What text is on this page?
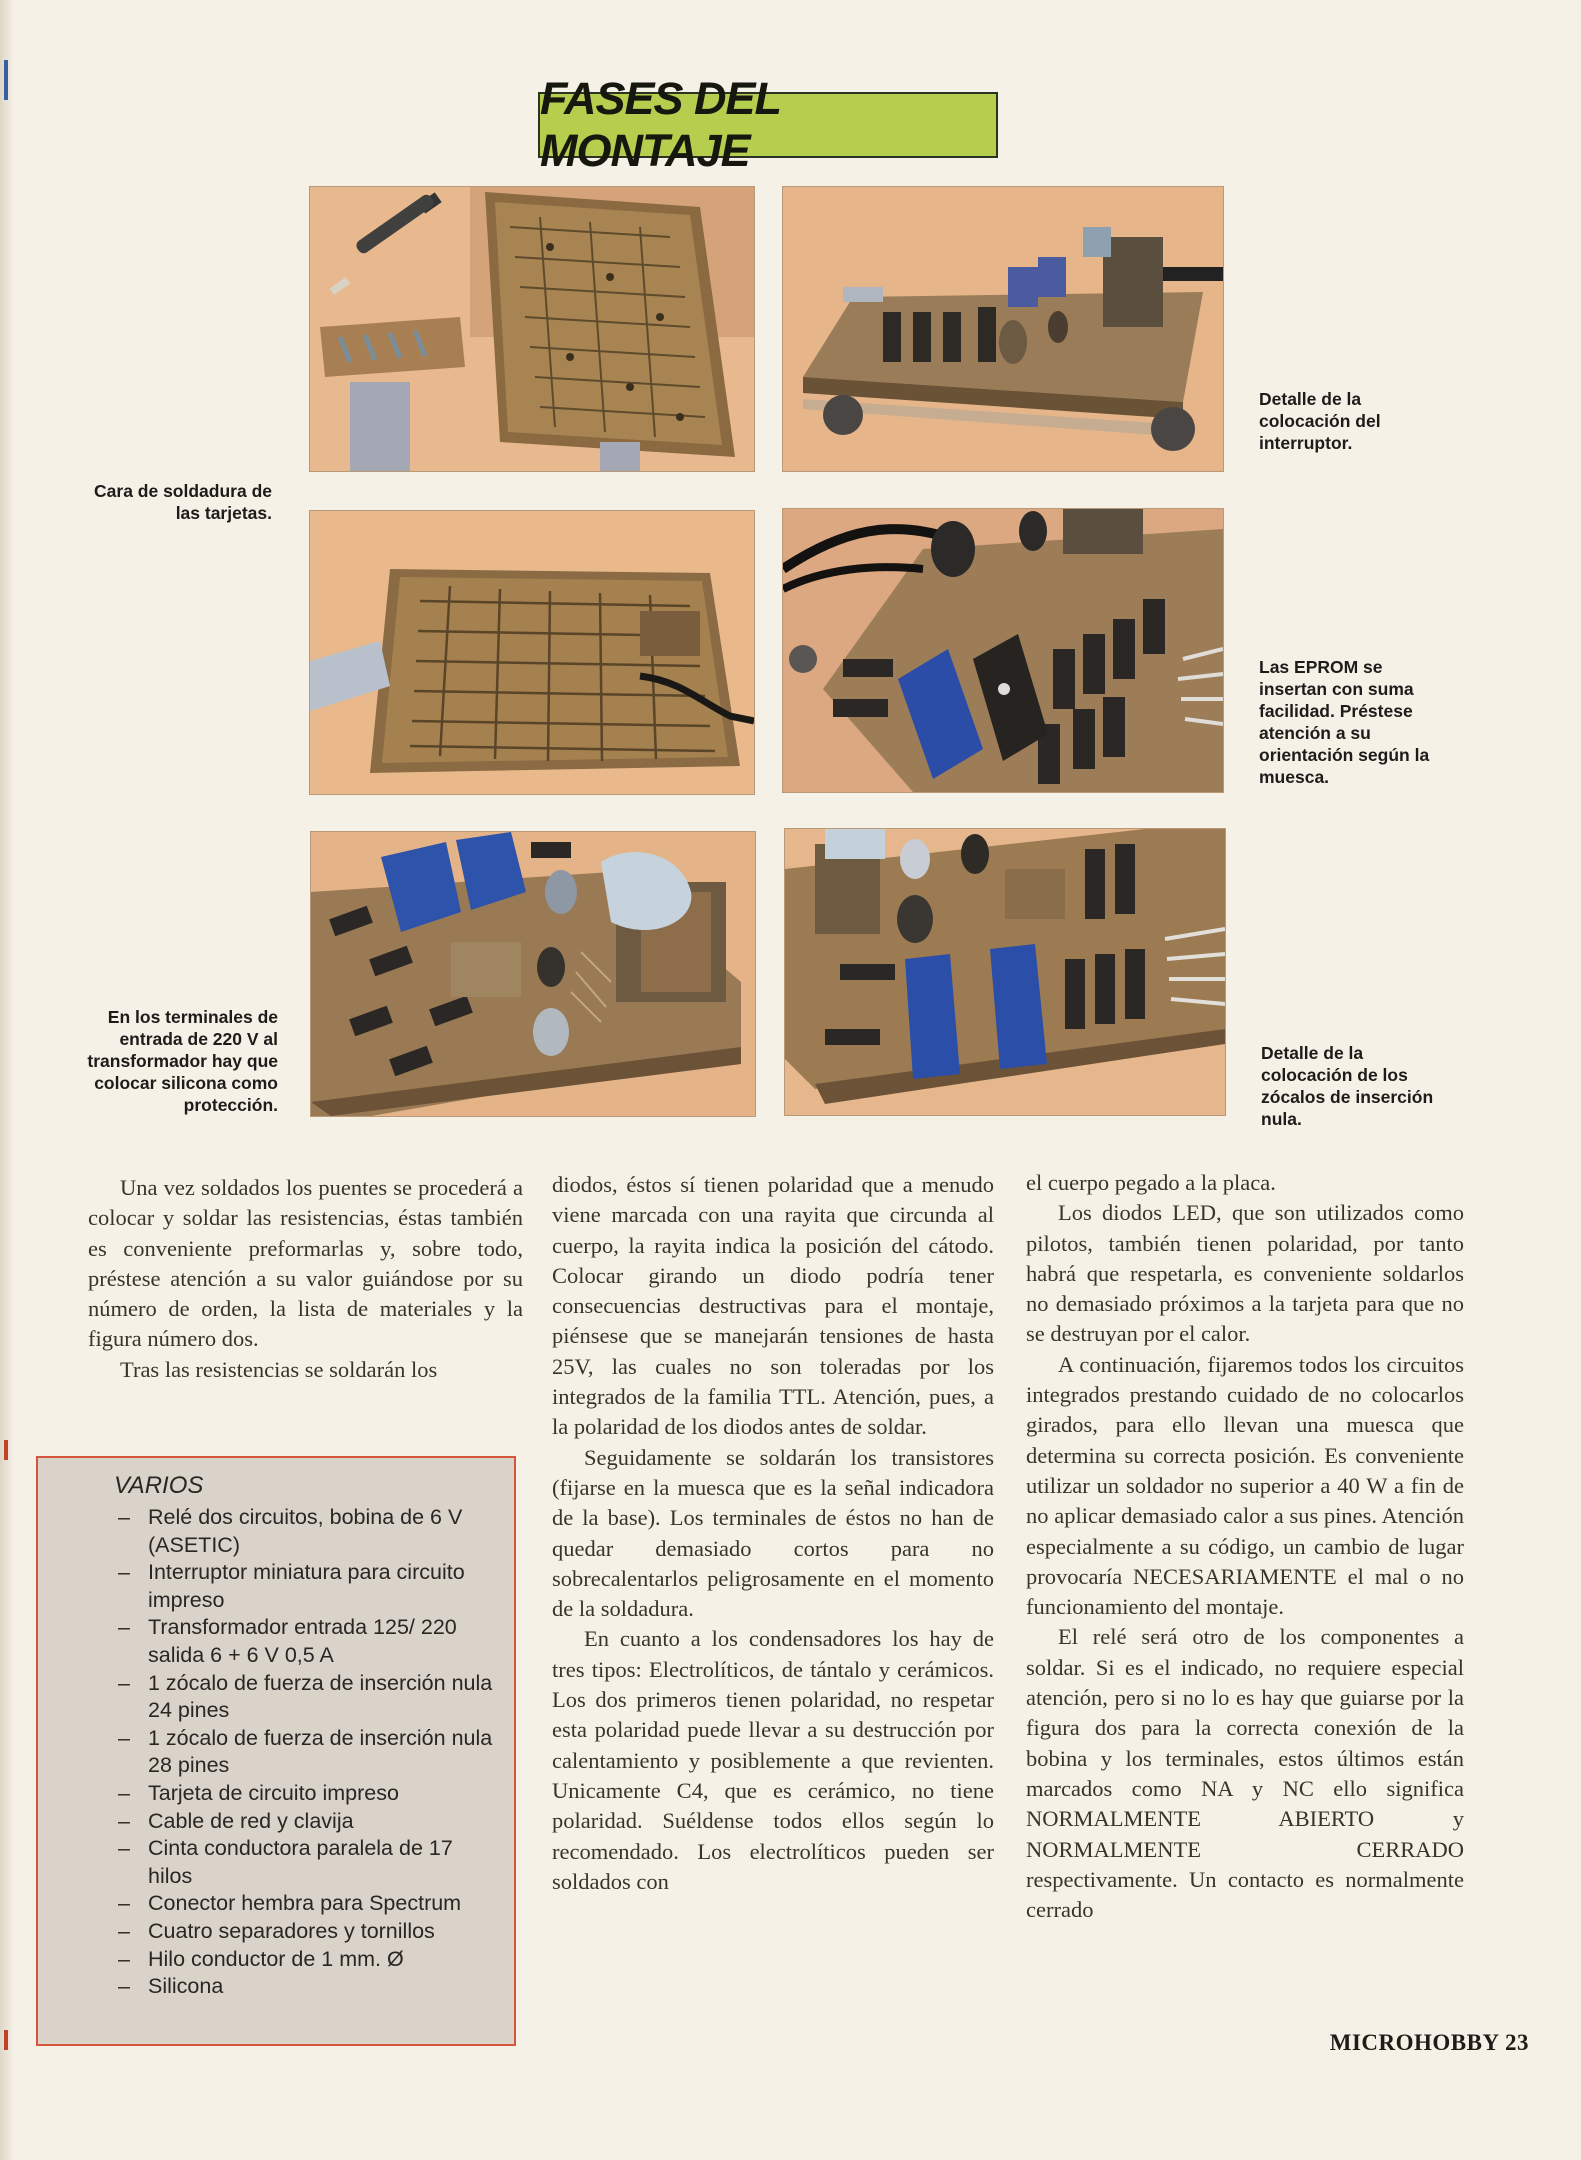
FASES DEL MONTAJE
Cara de soldadura de las tarjetas.
Detalle de la colocación del interruptor.
Las EPROM se insertan con suma facilidad. Préstese atención a su orientación según la muesca.
En los terminales de entrada de 220 V al transformador hay que colocar silicona como protección.
Detalle de la colocación de los zócalos de inserción nula.

Una vez soldados los puentes se procederá a colocar y soldar las resistencias, éstas también es conveniente preformarlas y, sobre todo, préstese atención a su valor guiándose por su número de orden, la lista de materiales y la figura número dos.

Tras las resistencias se soldarán los

diodos, éstos sí tienen polaridad que a menudo viene marcada con una rayita que circunda al cuerpo, la rayita indica la posición del cátodo. Colocar girando un diodo podría tener consecuencias destructivas para el montaje, piénsese que se manejarán tensiones de hasta 25V, las cuales no son toleradas por los integrados de la familia TTL. Atención, pues, a la polaridad de los diodos antes de soldar.

Seguidamente se soldarán los transistores (fijarse en la muesca que es la señal indicadora de la base). Los terminales de éstos no han de quedar demasiado cortos para no sobrecalentarlos peligrosamente en el momento de la soldadura.

En cuanto a los condensadores los hay de tres tipos: Electrolíticos, de tántalo y cerámicos. Los dos primeros tienen polaridad, no respetar esta polaridad puede llevar a su destrucción por calentamiento y posiblemente a que revienten. Unicamente C4, que es cerámico, no tiene polaridad. Suéldense todos ellos según lo recomendado. Los electrolíticos pueden ser soldados con

el cuerpo pegado a la placa.

Los diodos LED, que son utilizados como pilotos, también tienen polaridad, por tanto habrá que respetarla, es conveniente soldarlos no demasiado próximos a la tarjeta para que no se destruyan por el calor.

A continuación, fijaremos todos los circuitos integrados prestando cuidado de no colocarlos girados, para ello llevan una muesca que determina su correcta posición. Es conveniente utilizar un soldador no superior a 40 W a fin de no aplicar demasiado calor a sus pines. Atención especialmente a su código, un cambio de lugar provocaría NECESARIAMENTE el mal o no funcionamiento del montaje.

El relé será otro de los componentes a soldar. Si es el indicado, no requiere especial atención, pero si no lo es hay que guiarse por la figura dos para la correcta conexión de la bobina y los terminales, estos últimos están marcados como NA y NC ello significa NORMALMENTE ABIERTO y NORMALMENTE CERRADO respectivamente. Un contacto es normalmente cerrado

VARIOS
– Relé dos circuitos, bobina de 6 V (ASETIC)
– Interruptor miniatura para circuito impreso
– Transformador entrada 125/ 220 salida 6 + 6 V 0,5 A
– 1 zócalo de fuerza de inserción nula 24 pines
– 1 zócalo de fuerza de inserción nula 28 pines
– Tarjeta de circuito impreso
– Cable de red y clavija
– Cinta conductora paralela de 17 hilos
– Conector hembra para Spectrum
– Cuatro separadores y tornillos
– Hilo conductor de 1 mm. Ø
– Silicona
MICROHOBBY 23
